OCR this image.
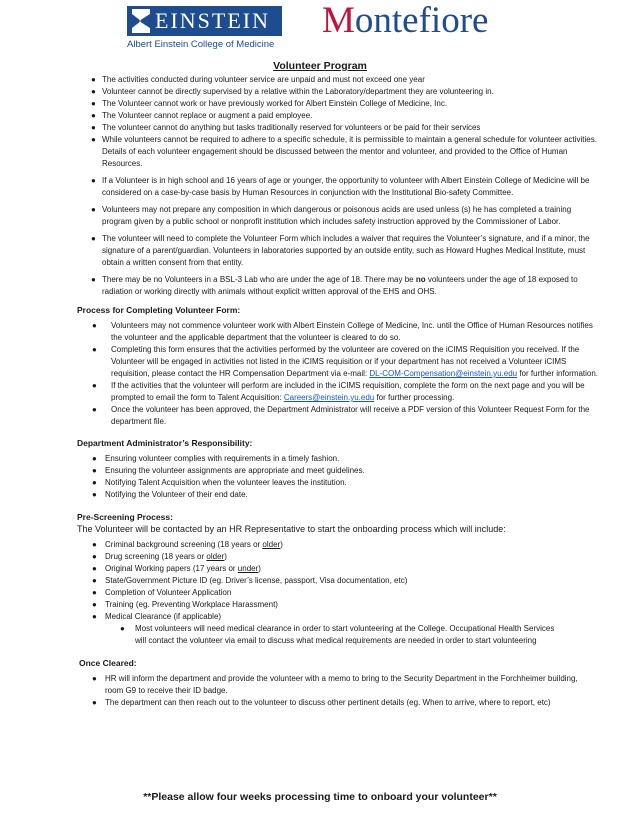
EINSTEIN
Albert Einstein College of Medicine
Montefiore
Volunteer Program
● The activities conducted during volunteer service are unpaid and must not exceed one year
● Volunteer cannot be directly supervised by a relative within the Laboratory/department they are volunteering in.
● The Volunteer cannot work or have previously worked for Albert Einstein College of Medicine, Inc.
● The Volunteer cannot replace or augment a paid employee.
● The volunteer cannot do anything but tasks traditionally reserved for volunteers or be paid for their services
● While volunteers cannot be required to adhere to a specific schedule, it is permissible to maintain a general schedule for volunteer activities. Details of each volunteer engagement should be discussed between the mentor and volunteer, and provided to the Office of Human Resources.
● If a Volunteer is in high school and 16 years of age or younger, the opportunity to volunteer with Albert Einstein College of Medicine will be considered on a case-by-case basis by Human Resources in conjunction with the Institutional Bio-safety Committee.
● Volunteers may not prepare any composition in which dangerous or poisonous acids are used unless (s) he has completed a training program given by a public school or nonprofit institution which includes safety instruction approved by the Commissioner of Labor.
● The volunteer will need to complete the Volunteer Form which includes a waiver that requires the Volunteer’s signature, and if a minor, the signature of a parent/guardian. Volunteers in laboratories supported by an outside entity, such as Howard Hughes Medical Institute, must obtain a written consent from that entity.
● There may be no Volunteers in a BSL-3 Lab who are under the age of 18. There may be no volunteers under the age of 18 exposed to radiation or working directly with animals without explicit written approval of the EHS and OHS.
Process for Completing Volunteer Form:
● Volunteers may not commence volunteer work with Albert Einstein College of Medicine, Inc. until the Office of Human Resources notifies the volunteer and the applicable department that the volunteer is cleared to do so.
● Completing this form ensures that the activities performed by the volunteer are covered on the iCIMS Requisition you received. If the Volunteer will be engaged in activities not listed in the iCIMS requisition or if your department has not received a Volunteer iCIMS requisition, please contact the HR Compensation Department via e-mail: DL-COM-Compensation@einstein.yu.edu for further information.
● If the activities that the volunteer will perform are included in the iCIMS requisition, complete the form on the next page and you will be prompted to email the form to Talent Acquisition: Careers@einstein.yu.edu for further processing.
● Once the volunteer has been approved, the Department Administrator will receive a PDF version of this Volunteer Request Form for the department file.
Department Administrator’s Responsibility:
● Ensuring volunteer complies with requirements in a timely fashion.
● Ensuring the volunteer assignments are appropriate and meet guidelines.
● Notifying Talent Acquisition when the volunteer leaves the institution.
● Notifying the Volunteer of their end date.
Pre-Screening Process:

The Volunteer will be contacted by an HR Representative to start the onboarding process which will include:

● Criminal background screening (18 years or older)
● Drug screening (18 years or older)
● Original Working papers (17 years or under)
● State/Government Picture ID (eg. Driver’s license, passport, Visa documentation, etc)
● Completion of Volunteer Application
● Training (eg. Preventing Workplace Harassment)
● Medical Clearance (if applicable)
● Most volunteers will need medical clearance in order to start volunteering at the College. Occupational Health Services will contact the volunteer via email to discuss what medical requirements are needed in order to start volunteering
Once Cleared:
● HR will inform the department and provide the volunteer with a memo to bring to the Security Department in the Forchheimer building, room G9 to receive their ID badge.
● The department can then reach out to the volunteer to discuss other pertinent details (eg. When to arrive, where to report, etc)
**Please allow four weeks processing time to onboard your volunteer**
